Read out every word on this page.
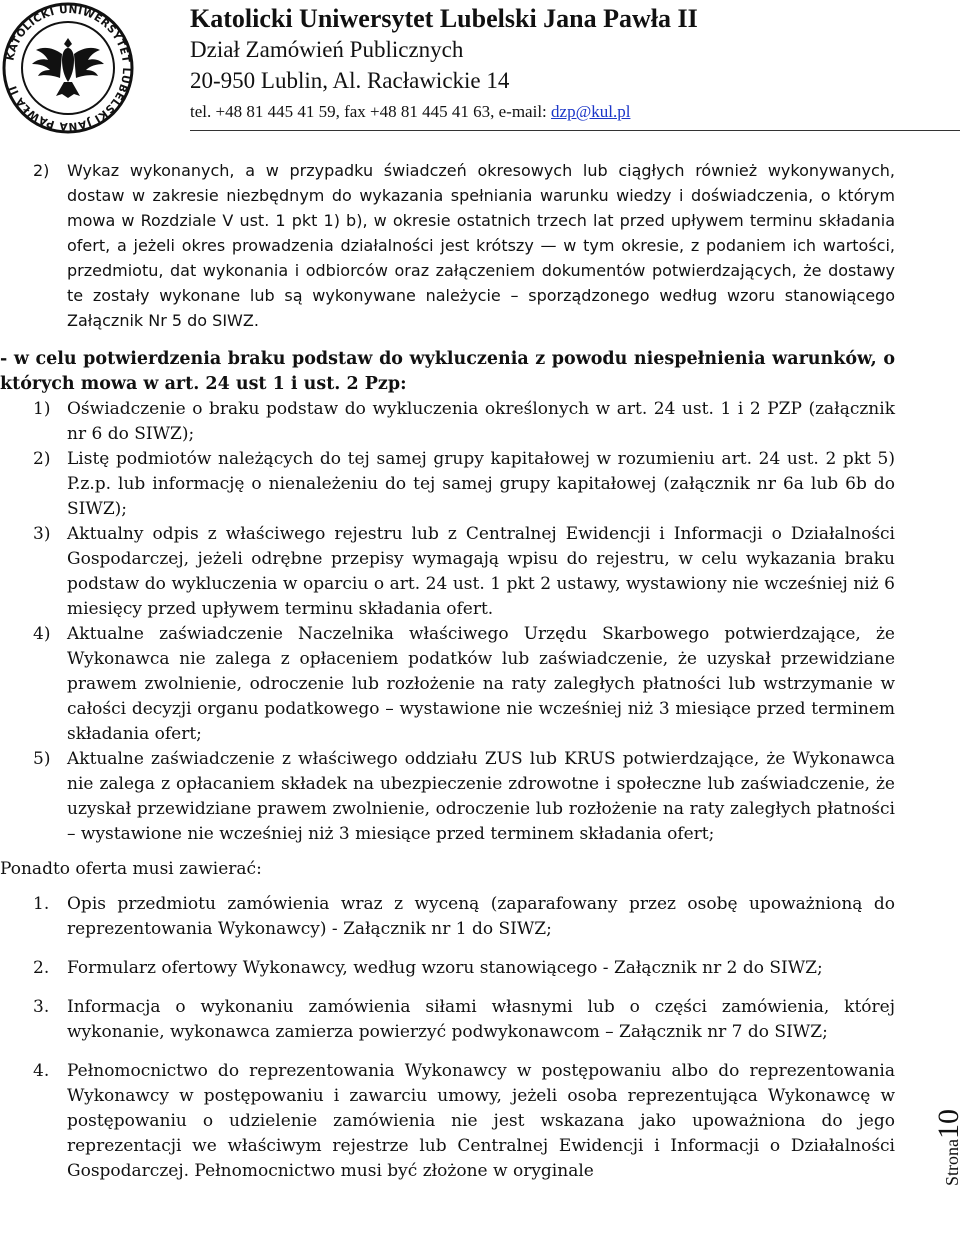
KATOLICKI UNIWERSYTET LUBELSKI JANA PAWŁA II
Katolicki Uniwersytet Lubelski Jana Pawła II
Dział Zamówień Publicznych
20-950 Lublin, Al. Racławickie 14
tel. +48 81 445 41 59, fax +48 81 445 41 63, e-mail: dzp@kul.pl
2) Wykaz wykonanych, a w przypadku świadczeń okresowych lub ciągłych również wykonywanych, dostaw w zakresie niezbędnym do wykazania spełniania warunku wiedzy i doświadczenia, o którym mowa w Rozdziale V ust. 1 pkt 1) b), w okresie ostatnich trzech lat przed upływem terminu składania ofert, a jeżeli okres prowadzenia działalności jest krótszy — w tym okresie, z podaniem ich wartości, przedmiotu, dat wykonania i odbiorców oraz załączeniem dokumentów potwierdzających, że dostawy te zostały wykonane lub są wykonywane należycie – sporządzonego według wzoru stanowiącego Załącznik Nr 5 do SIWZ.
- w celu potwierdzenia braku podstaw do wykluczenia z powodu niespełnienia warunków, o których mowa w art. 24 ust 1 i ust. 2 Pzp:
1) Oświadczenie o braku podstaw do wykluczenia określonych w art. 24 ust. 1 i 2 PZP (załącznik nr 6 do SIWZ);
2) Listę podmiotów należących do tej samej grupy kapitałowej w rozumieniu art. 24 ust. 2 pkt 5) P.z.p. lub informację o nienależeniu do tej samej grupy kapitałowej (załącznik nr 6a lub 6b do SIWZ);
3) Aktualny odpis z właściwego rejestru lub z Centralnej Ewidencji i Informacji o Działalności Gospodarczej, jeżeli odrębne przepisy wymagają wpisu do rejestru, w celu wykazania braku podstaw do wykluczenia w oparciu o art. 24 ust. 1 pkt 2 ustawy, wystawiony nie wcześniej niż 6 miesięcy przed upływem terminu składania ofert.
4) Aktualne zaświadczenie Naczelnika właściwego Urzędu Skarbowego potwierdzające, że Wykonawca nie zalega z opłaceniem podatków lub zaświadczenie, że uzyskał przewidziane prawem zwolnienie, odroczenie lub rozłożenie na raty zaległych płatności lub wstrzymanie w całości decyzji organu podatkowego – wystawione nie wcześniej niż 3 miesiące przed terminem składania ofert;
5) Aktualne zaświadczenie z właściwego oddziału ZUS lub KRUS potwierdzające, że Wykonawca nie zalega z opłacaniem składek na ubezpieczenie zdrowotne i społeczne lub zaświadczenie, że uzyskał przewidziane prawem zwolnienie, odroczenie lub rozłożenie na raty zaległych płatności – wystawione nie wcześniej niż 3 miesiące przed terminem składania ofert;
Ponadto oferta musi zawierać:
1. Opis przedmiotu zamówienia wraz z wyceną (zaparafowany przez osobę upoważnioną do reprezentowania Wykonawcy) - Załącznik nr 1 do SIWZ;
2. Formularz ofertowy Wykonawcy, według wzoru stanowiącego - Załącznik nr 2 do SIWZ;
3. Informacja o wykonaniu zamówienia siłami własnymi lub o części zamówienia, której wykonanie, wykonawca zamierza powierzyć podwykonawcom – Załącznik nr 7 do SIWZ;
4. Pełnomocnictwo do reprezentowania Wykonawcy w postępowaniu albo do reprezentowania Wykonawcy w postępowaniu i zawarciu umowy, jeżeli osoba reprezentująca Wykonawcę w postępowaniu o udzielenie zamówienia nie jest wskazana jako upoważniona do jego reprezentacji we właściwym rejestrze lub Centralnej Ewidencji i Informacji o Działalności Gospodarczej. Pełnomocnictwo musi być złożone w oryginale	Strona10
